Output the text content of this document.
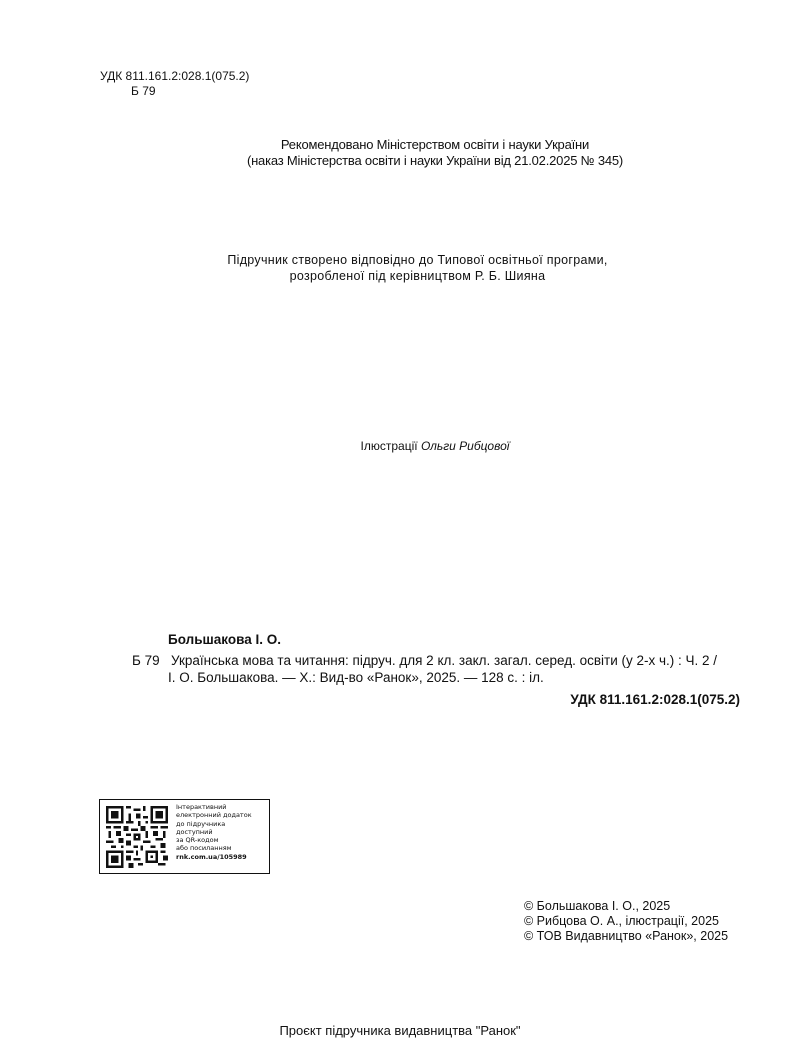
УДК 811.161.2:028.1(075.2)
Б 79
Рекомендовано Міністерством освіти і науки України
(наказ Міністерства освіти і науки України від 21.02.2025 № 345)
Підручник створено відповідно до Типової освітньої програми,
розробленої під керівництвом Р. Б. Шияна
Ілюстрації Ольги Рибцової
Большакова І. О.
Б 79 Українська мова та читання: підруч. для 2 кл. закл. загал. серед. освіти (у 2-х ч.) : Ч. 2 /
І. О. Большакова. — Х.: Вид-во «Ранок», 2025. — 128 с. : іл.
УДК 811.161.2:028.1(075.2)
Інтерактивний
електронний додаток
до підручника
доступний
за QR-кодом
або посиланням
rnk.com.ua/105989
© Большакова І. О., 2025
© Рибцова О. А., ілюстрації, 2025
© ТОВ Видавництво «Ранок», 2025
Проєкт підручника видавництва "Ранок"
